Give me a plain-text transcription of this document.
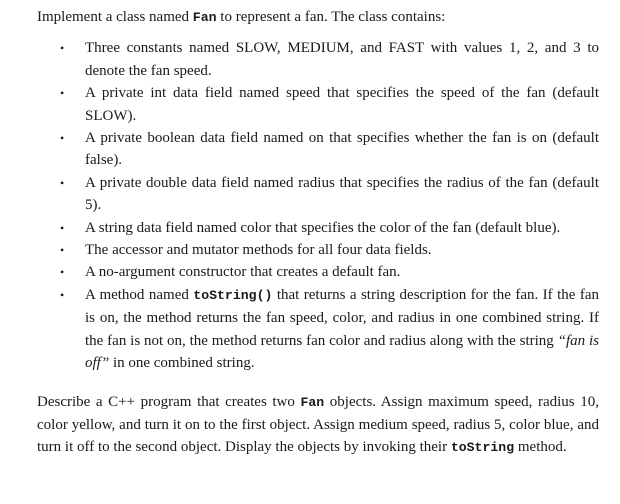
Implement a class named Fan to represent a fan. The class contains:

• Three constants named SLOW, MEDIUM, and FAST with values 1, 2, and 3 to denote the fan speed.
• A private int data field named speed that specifies the speed of the fan (default SLOW).
• A private boolean data field named on that specifies whether the fan is on (default false).
• A private double data field named radius that specifies the radius of the fan (default 5).
• A string data field named color that specifies the color of the fan (default blue).
• The accessor and mutator methods for all four data fields.
• A no-argument constructor that creates a default fan.
• A method named toString() that returns a string description for the fan. If the fan is on, the method returns the fan speed, color, and radius in one combined string. If the fan is not on, the method returns fan color and radius along with the string “fan is off” in one combined string.

Describe a C++ program that creates two Fan objects. Assign maximum speed, radius 10, color yellow, and turn it on to the first object. Assign medium speed, radius 5, color blue, and turn it off to the second object. Display the objects by invoking their toString method.
